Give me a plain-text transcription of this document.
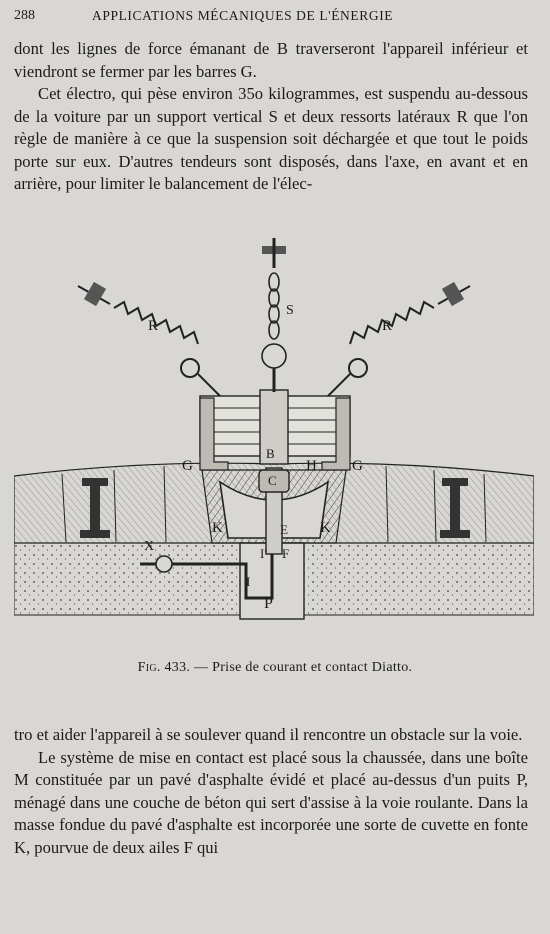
288	APPLICATIONS MÉCANIQUES DE L'ÉNERGIE

dont les lignes de force émanant de B traverseront l'appareil inférieur et viendront se fermer par les barres G.

Cet électro, qui pèse environ 35o kilogrammes, est suspendu au-dessous de la voiture par un support vertical S et deux ressorts latéraux R que l'on règle de manière à ce que la suspension soit déchargée et que tout le poids porte sur eux. D'autres tendeurs sont disposés, dans l'axe, en avant et en arrière, pour limiter le balancement de l'élec-

R
S
R
G
B
H G
C
K	E K
X	I' F
I
P
Fig. 433. — Prise de courant et contact Diatto.

tro et aider l'appareil à se soulever quand il rencontre un obstacle sur la voie.

Le système de mise en contact est placé sous la chaussée, dans une boîte M constituée par un pavé d'asphalte évidé et placé au-dessus d'un puits P, ménagé dans une couche de béton qui sert d'assise à la voie roulante. Dans la masse fondue du pavé d'asphalte est incorporée une sorte de cuvette en fonte K, pourvue de deux ailes F qui
